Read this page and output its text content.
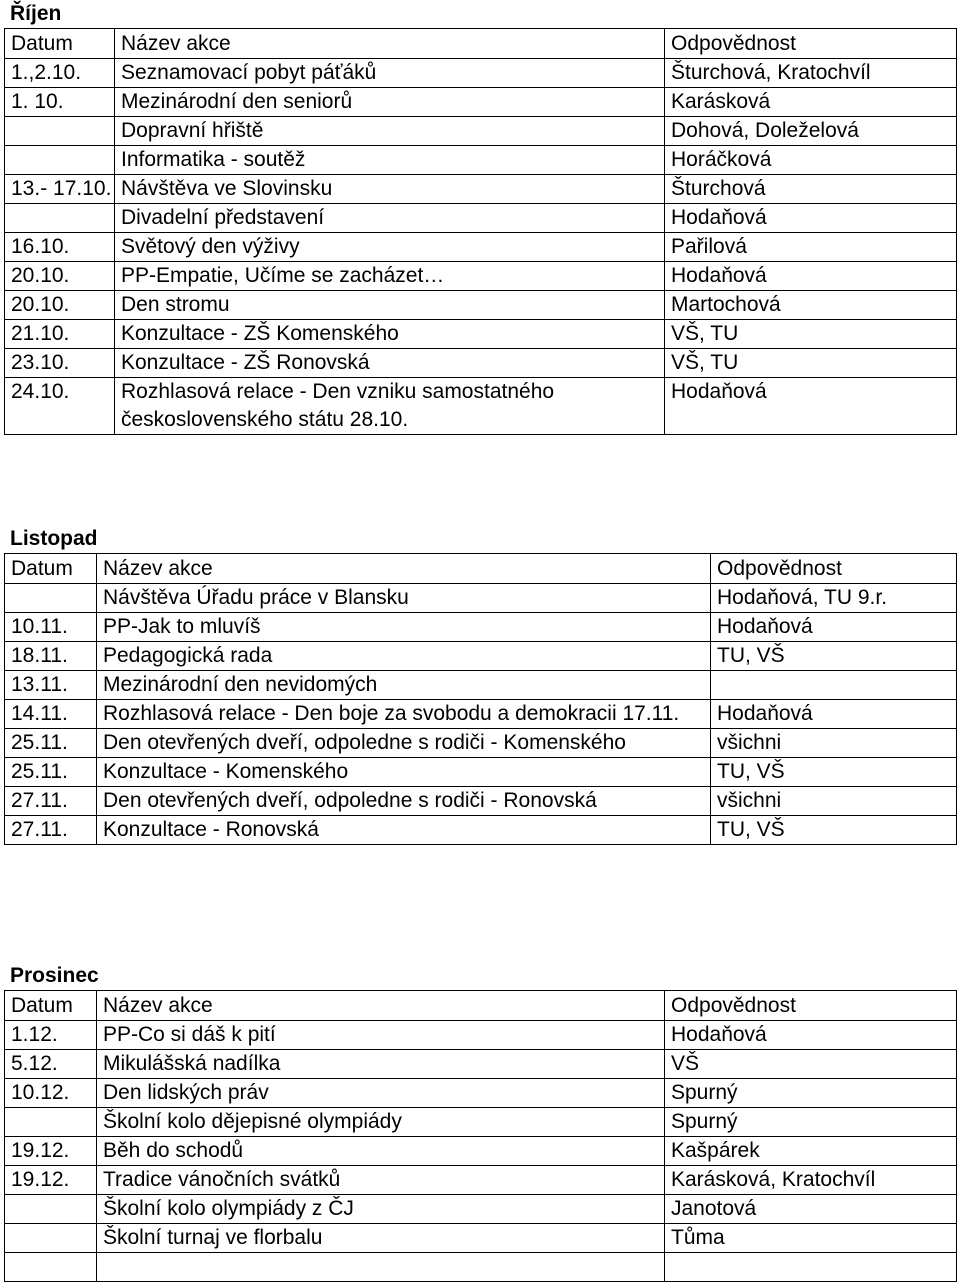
Říjen
Datum	Název akce	Odpovědnost
1.,2.10.	Seznamovací pobyt páťáků	Šturchová, Kratochvíl
1. 10.	Mezinárodní den seniorů	Karásková
	Dopravní hřiště	Dohová, Doleželová
	Informatika - soutěž	Horáčková
13.- 17.10.	Návštěva ve Slovinsku	Šturchová
	Divadelní představení	Hodaňová
16.10.	Světový den výživy	Pařilová
20.10.	PP-Empatie, Učíme se zacházet…	Hodaňová
20.10.	Den stromu	Martochová
21.10.	Konzultace - ZŠ Komenského	VŠ, TU
23.10.	Konzultace - ZŠ Ronovská	VŠ, TU
24.10.	Rozhlasová relace - Den vzniku samostatného československého státu 28.10.	Hodaňová
Listopad
Datum	Název akce	Odpovědnost
	Návštěva Úřadu práce v Blansku	Hodaňová, TU 9.r.
10.11.	PP-Jak to mluvíš	Hodaňová
18.11.	Pedagogická rada	TU, VŠ
13.11.	Mezinárodní den nevidomých	
14.11.	Rozhlasová relace - Den boje za svobodu a demokracii 17.11.	Hodaňová
25.11.	Den otevřených dveří, odpoledne s rodiči - Komenského	všichni
25.11.	Konzultace - Komenského	TU, VŠ
27.11.	Den otevřených dveří, odpoledne s rodiči - Ronovská	všichni
27.11.	Konzultace - Ronovská	TU, VŠ
Prosinec
Datum	Název akce	Odpovědnost
1.12.	PP-Co si dáš k pití	Hodaňová
5.12.	Mikulášská nadílka	VŠ
10.12.	Den lidských práv	Spurný
	Školní kolo dějepisné olympiády	Spurný
19.12.	Běh do schodů	Kašpárek
19.12.	Tradice vánočních svátků	Karásková, Kratochvíl
	Školní kolo olympiády z ČJ	Janotová
	Školní turnaj ve florbalu	Tůma
